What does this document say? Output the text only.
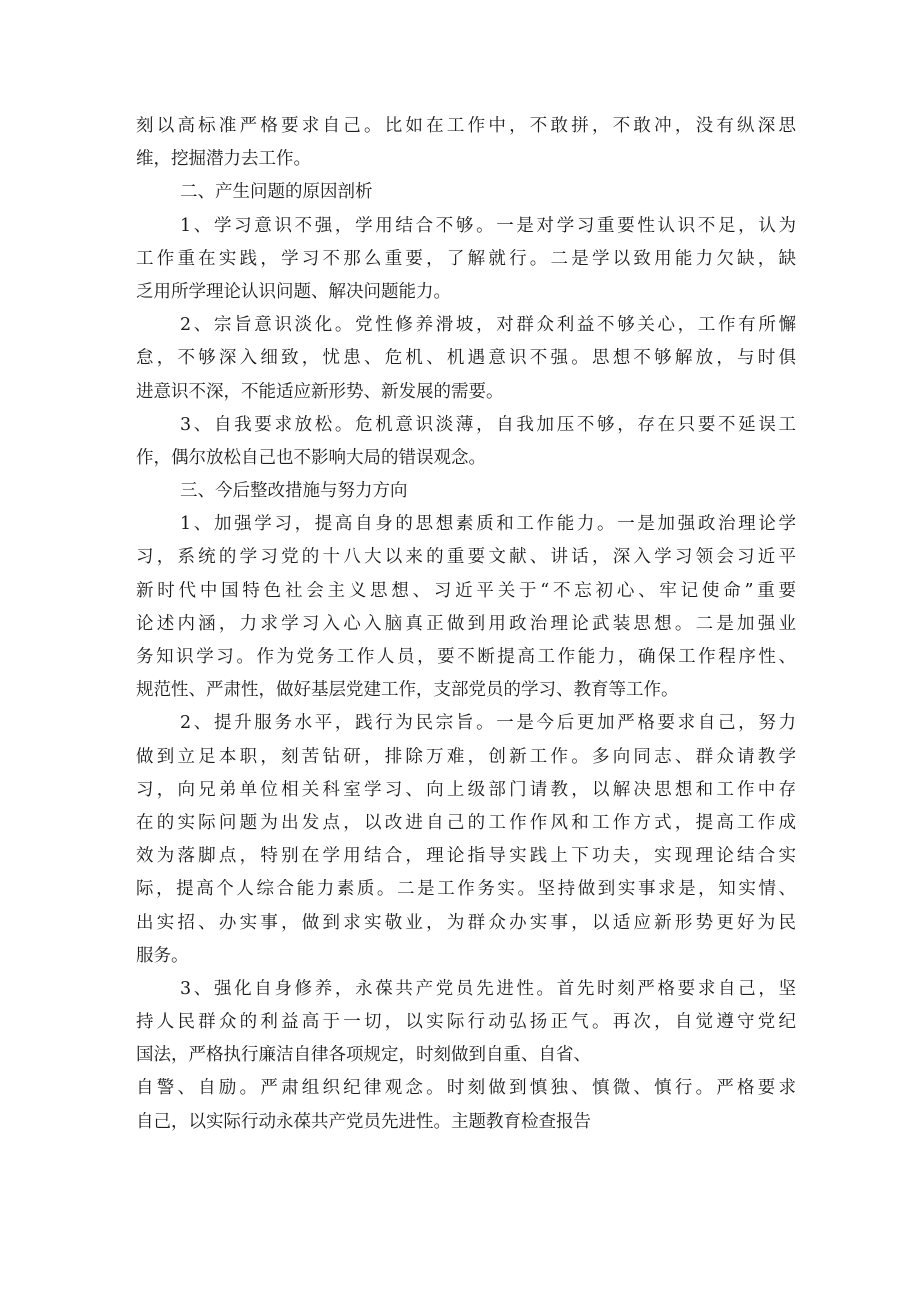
刻以高标准严格要求自己。比如在工作中，不敢拼，不敢冲，没有纵深思
维，挖掘潜力去工作。
二、产生问题的原因剖析
1、学习意识不强，学用结合不够。一是对学习重要性认识不足，认为
工作重在实践，学习不那么重要，了解就行。二是学以致用能力欠缺，缺
乏用所学理论认识问题、解决问题能力。
2、宗旨意识淡化。党性修养滑坡，对群众利益不够关心，工作有所懈
怠，不够深入细致，忧患、危机、机遇意识不强。思想不够解放，与时俱
进意识不深，不能适应新形势、新发展的需要。
3、自我要求放松。危机意识淡薄，自我加压不够，存在只要不延误工
作，偶尔放松自己也不影响大局的错误观念。
三、今后整改措施与努力方向
1、加强学习，提高自身的思想素质和工作能力。一是加强政治理论学
习，系统的学习党的十八大以来的重要文献、讲话，深入学习领会习近平
新时代中国特色社会主义思想、习近平关于“不忘初心、牢记使命”重要
论述内涵，力求学习入心入脑真正做到用政治理论武装思想。二是加强业
务知识学习。作为党务工作人员，要不断提高工作能力，确保工作程序性、
规范性、严肃性，做好基层党建工作，支部党员的学习、教育等工作。
2、提升服务水平，践行为民宗旨。一是今后更加严格要求自己，努力
做到立足本职，刻苦钻研，排除万难，创新工作。多向同志、群众请教学
习，向兄弟单位相关科室学习、向上级部门请教，以解决思想和工作中存
在的实际问题为出发点，以改进自己的工作作风和工作方式，提高工作成
效为落脚点，特别在学用结合，理论指导实践上下功夫，实现理论结合实
际，提高个人综合能力素质。二是工作务实。坚持做到实事求是，知实情、
出实招、办实事，做到求实敬业，为群众办实事，以适应新形势更好为民
服务。
3、强化自身修养，永葆共产党员先进性。首先时刻严格要求自己，坚
持人民群众的利益高于一切，以实际行动弘扬正气。再次，自觉遵守党纪
国法，严格执行廉洁自律各项规定，时刻做到自重、自省、
自警、自励。严肃组织纪律观念。时刻做到慎独、慎微、慎行。严格要求
自己，以实际行动永葆共产党员先进性。主题教育检查报告
